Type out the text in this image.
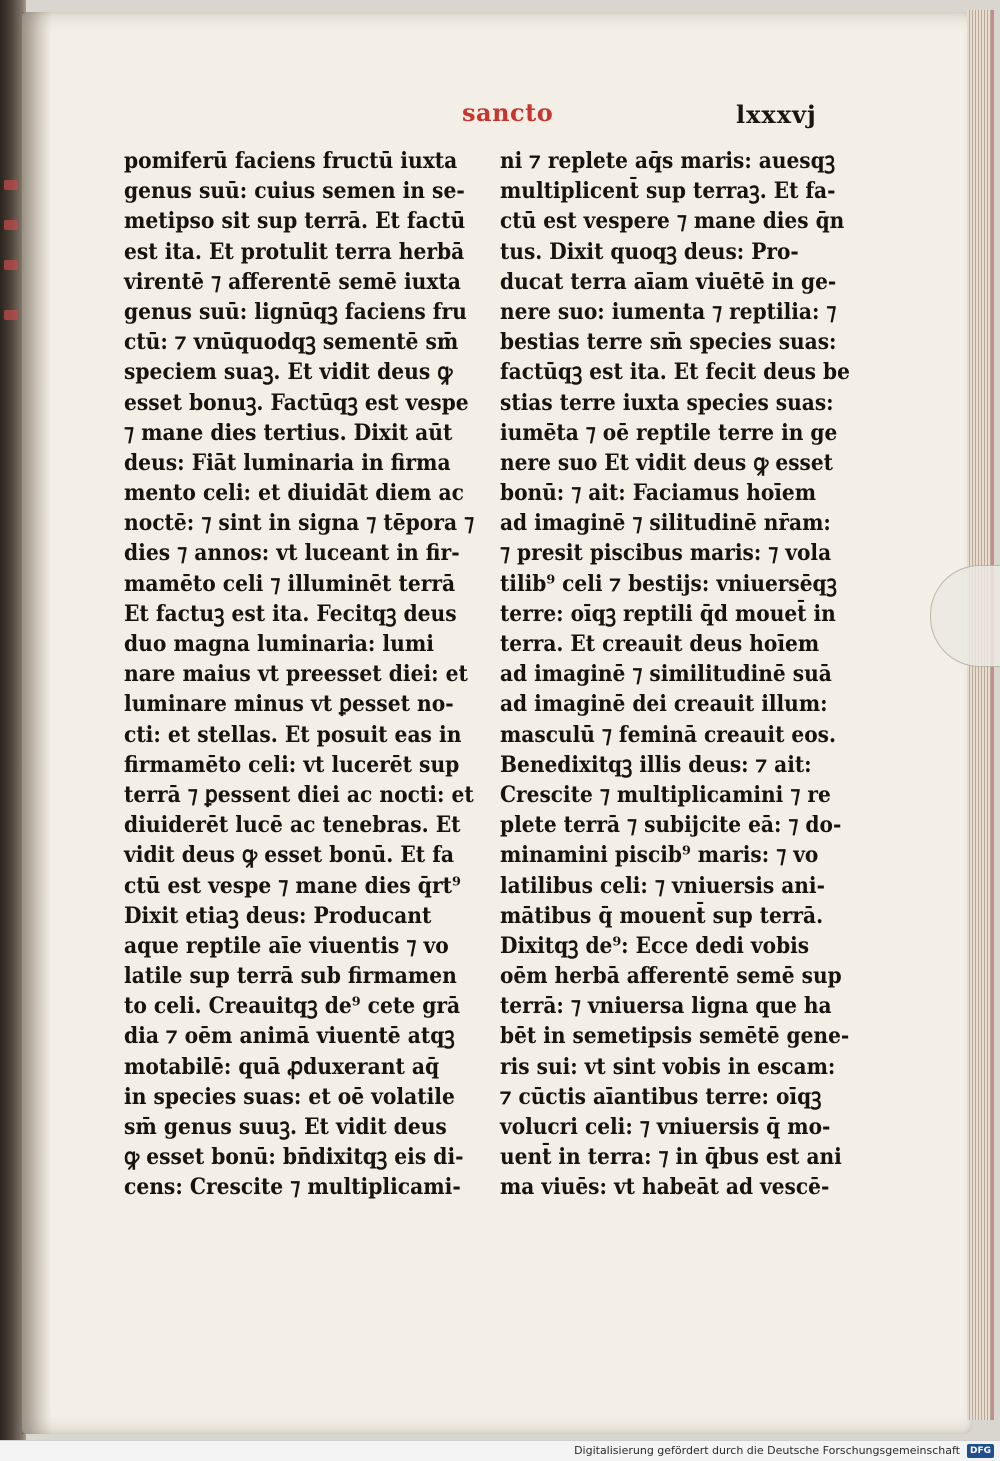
sancto	lxxxvj
pomiferū faciens fructū iuxta
genus suū: cuius semen in se-
metipso sit sup terrā. Et factū
est ita. Et protulit terra herbā
virentē ⁊ afferentē semē iuxta
genus suū: lignūqꝫ faciens fru
ctū: ⁊ vnūquodqꝫ sementē sm̄
speciem suaꝫ. Et vidit deus ꝙ
esset bonuꝫ. Factūqꝫ est vespe
⁊ mane dies tertius. Dixit aūt
deus: Fiāt luminaria in firma
mento celi: et diuidāt diem ac
noctē: ⁊ sint in signa ⁊ tēpora ⁊
dies ⁊ annos: vt luceant in fir-
mamēto celi ⁊ illuminēt terrā
Et factuꝫ est ita. Fecitqꝫ deus
duo magna luminaria: lumi
nare maius vt preesset diei: et
luminare minus vt ꝑesset no-
cti: et stellas. Et posuit eas in
firmamēto celi: vt lucerēt sup
terrā ⁊ ꝑessent diei ac nocti: et
diuiderēt lucē ac tenebras. Et
vidit deus ꝙ esset bonū. Et fa
ctū est vespe ⁊ mane dies q̄rt⁹
Dixit etiaꝫ deus: Producant
aque reptile aīe viuentis ⁊ vo
latile sup terrā sub firmamen
to celi. Creauitqꝫ de⁹ cete grā
dia ⁊ oēm animā viuentē atqꝫ
motabilē: quā ꝓduxerant aq̄
in species suas: et oē volatile
sm̄ genus suuꝫ. Et vidit deus
ꝙ esset bonū: bn̄dixitqꝫ eis di-
cens: Crescite ⁊ multiplicami-
ni ⁊ replete aq̄s maris: auesqꝫ
multiplicent̄ sup terraꝫ. Et fa-
ctū est vespere ⁊ mane dies q̄n
tus. Dixit quoqꝫ deus: Pro-
ducat terra aīam viuētē in ge-
nere suo: iumenta ⁊ reptilia: ⁊
bestias terre sm̄ species suas:
factūqꝫ est ita. Et fecit deus be
stias terre iuxta species suas:
iumēta ⁊ oē reptile terre in ge
nere suo Et vidit deus ꝙ esset
bonū: ⁊ ait: Faciamus hoīem
ad imaginē ⁊ silitudinē nr̄am:
⁊ presit piscibus maris: ⁊ vola
tilib⁹ celi ⁊ bestijs: vniuersēqꝫ
terre: oīqꝫ reptili q̄d mouet̄ in
terra. Et creauit deus hoīem
ad imaginē ⁊ similitudinē suā
ad imaginē dei creauit illum:
masculū ⁊ feminā creauit eos.
Benedixitqꝫ illis deus: ⁊ ait:
Crescite ⁊ multiplicamini ⁊ re
plete terrā ⁊ subijcite eā: ⁊ do-
minamini piscib⁹ maris: ⁊ vo
latilibus celi: ⁊ vniuersis ani-
mātibus q̄ mouent̄ sup terrā.
Dixitqꝫ de⁹: Ecce dedi vobis
oēm herbā afferentē semē sup
terrā: ⁊ vniuersa ligna que ha
bēt in semetipsis semētē gene-
ris sui: vt sint vobis in escam:
⁊ cūctis aīantibus terre: oīqꝫ
volucri celi: ⁊ vniuersis q̄ mo-
uent̄ in terra: ⁊ in q̄bus est ani
ma viuēs: vt habeāt ad vescē-
Digitalisierung gefördert durch die Deutsche Forschungsgemeinschaft	DFG
